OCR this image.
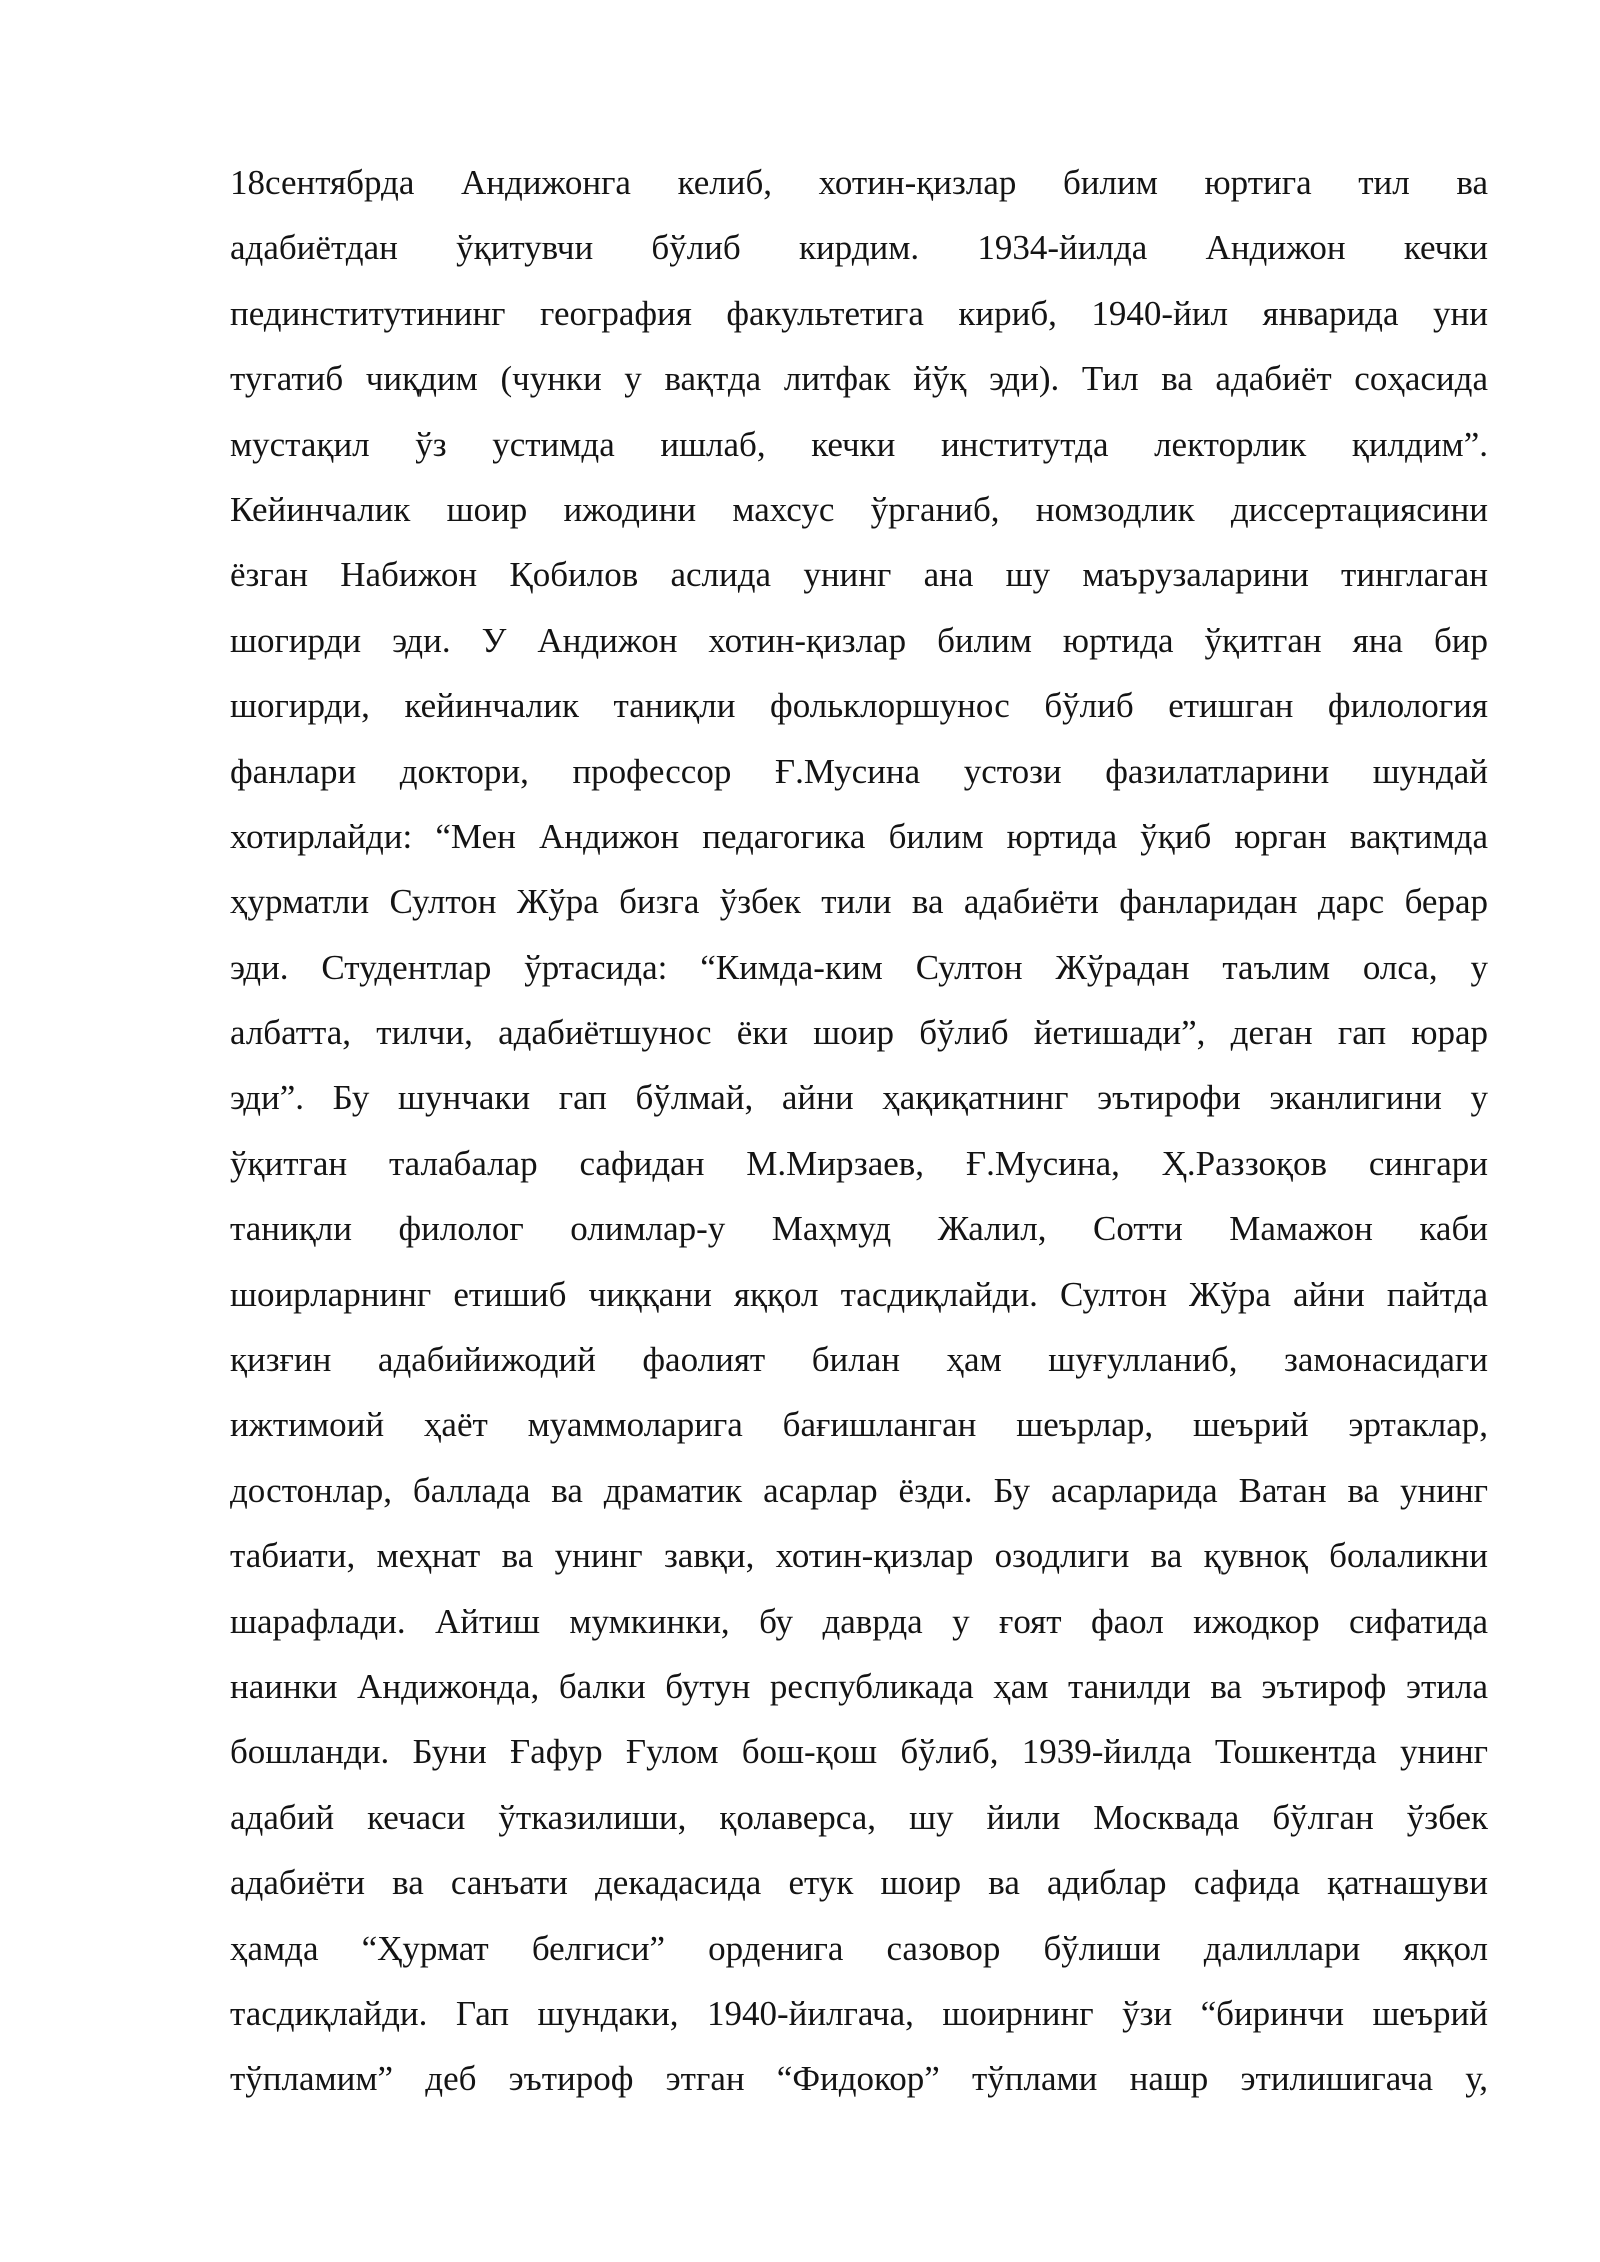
18сентябрда Андижонга келиб, хотин-қизлар билим юртига тил ва
адабиётдан ўқитувчи бўлиб кирдим. 1934-йилда Андижон кечки
пединститутининг география факультетига кириб, 1940-йил январида уни
тугатиб чиқдим (чунки у вақтда литфак йўқ эди). Тил ва адабиёт соҳасида
мустақил ўз устимда ишлаб, кечки институтда лекторлик қилдим”.
Кейинчалик шоир ижодини махсус ўрганиб, номзодлик диссертациясини
ёзган Набижон Қобилов аслида унинг ана шу маърузаларини тинглаган
шогирди эди. У Андижон хотин-қизлар билим юртида ўқитган яна бир
шогирди, кейинчалик таниқли фольклоршунос бўлиб етишган филология
фанлари доктори, профессор Ғ.Мусина устози фазилатларини шундай
хотирлайди: “Мен Андижон педагогика билим юртида ўқиб юрган вақтимда
ҳурматли Султон Жўра бизга ўзбек тили ва адабиёти фанларидан дарс берар
эди. Студентлар ўртасида: “Кимда-ким Султон Жўрадан таълим олса, у
албатта, тилчи, адабиётшунос ёки шоир бўлиб йетишади”, деган гап юрар
эди”. Бу шунчаки гап бўлмай, айни ҳақиқатнинг эътирофи эканлигини у
ўқитган талабалар сафидан М.Мирзаев, Ғ.Мусина, Ҳ.Раззоқов сингари
таниқли филолог олимлар-у Маҳмуд Жалил, Сотти Мамажон каби
шоирларнинг етишиб чиққани яққол тасдиқлайди. Султон Жўра айни пайтда
қизғин адабийижодий фаолият билан ҳам шуғулланиб, замонасидаги
ижтимоий ҳаёт муаммоларига бағишланган шеърлар, шеърий эртаклар,
достонлар, баллада ва драматик асарлар ёзди. Бу асарларида Ватан ва унинг
табиати, меҳнат ва унинг завқи, хотин-қизлар озодлиги ва қувноқ болаликни
шарафлади. Айтиш мумкинки, бу даврда у ғоят фаол ижодкор сифатида
наинки Андижонда, балки бутун республикада ҳам танилди ва эътироф этила
бошланди. Буни Ғафур Ғулом бош-қош бўлиб, 1939-йилда Тошкентда унинг
адабий кечаси ўтказилиши, қолаверса, шу йили Москвада бўлган ўзбек
адабиёти ва санъати декадасида етук шоир ва адиблар сафида қатнашуви
ҳамда “Ҳурмат белгиси” орденига сазовор бўлиши далиллари яққол
тасдиқлайди. Гап шундаки, 1940-йилгача, шоирнинг ўзи “биринчи шеърий
тўпламим” деб эътироф этган “Фидокор” тўплами нашр этилишигача у,
